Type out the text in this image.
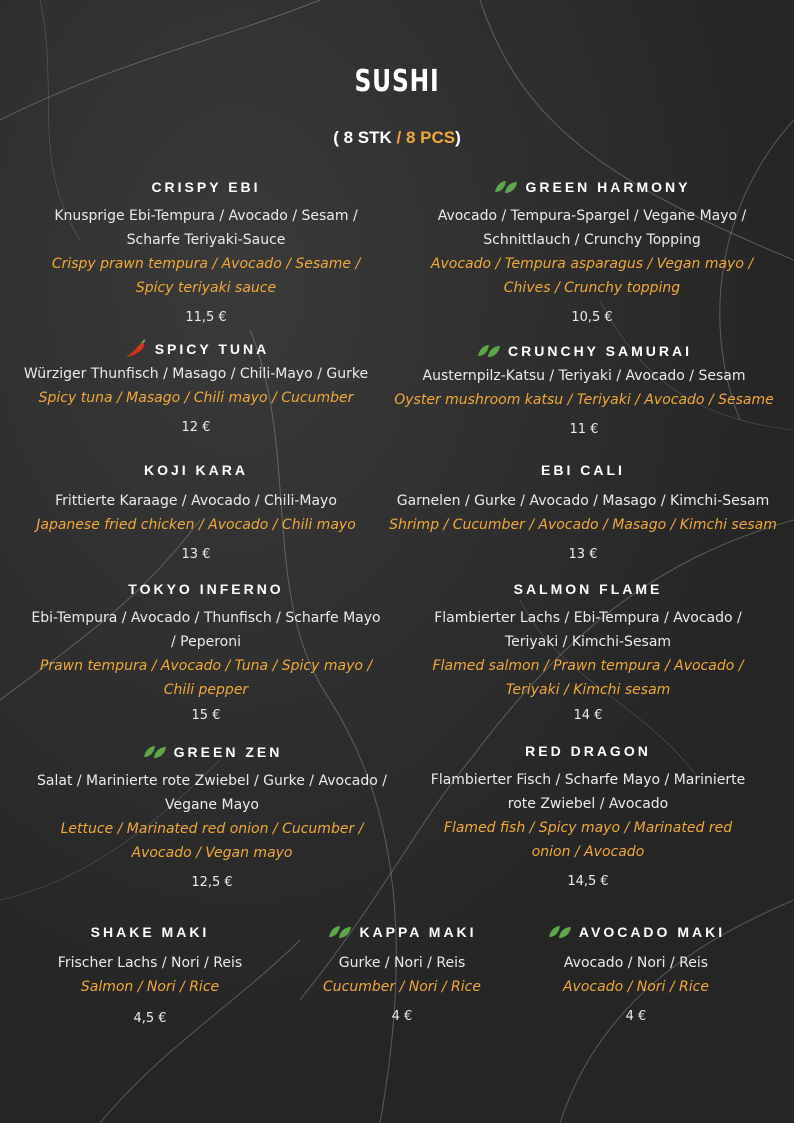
SUSHI
( 8 STK / 8 PCS)
CRISPY EBI
Knusprige Ebi-Tempura / Avocado / Sesam / Scharfe Teriyaki-Sauce
Crispy prawn tempura / Avocado / Sesame / Spicy teriyaki sauce
11,5 €
GREEN HARMONY
Avocado / Tempura-Spargel / Vegane Mayo / Schnittlauch / Crunchy Topping
Avocado / Tempura asparagus / Vegan mayo / Chives / Crunchy topping
10,5 €
SPICY TUNA
Würziger Thunfisch / Masago / Chili-Mayo / Gurke
Spicy tuna / Masago / Chili mayo / Cucumber
12 €
CRUNCHY SAMURAI
Austernpilz-Katsu / Teriyaki / Avocado / Sesam
Oyster mushroom katsu / Teriyaki / Avocado / Sesame
11 €
KOJI KARA
Frittierte Karaage / Avocado / Chili-Mayo
Japanese fried chicken / Avocado / Chili mayo
13 €
EBI CALI
Garnelen / Gurke / Avocado / Masago / Kimchi-Sesam
Shrimp / Cucumber / Avocado / Masago / Kimchi sesam
13 €
TOKYO INFERNO
Ebi-Tempura / Avocado / Thunfisch / Scharfe Mayo / Peperoni
Prawn tempura / Avocado / Tuna / Spicy mayo / Chili pepper
15 €
SALMON FLAME
Flambierter Lachs / Ebi-Tempura / Avocado / Teriyaki / Kimchi-Sesam
Flamed salmon / Prawn tempura / Avocado / Teriyaki / Kimchi sesam
14 €
GREEN ZEN
Salat / Marinierte rote Zwiebel / Gurke / Avocado / Vegane Mayo
Lettuce / Marinated red onion / Cucumber / Avocado / Vegan mayo
12,5 €
RED DRAGON
Flambierter Fisch / Scharfe Mayo / Marinierte rote Zwiebel / Avocado
Flamed fish / Spicy mayo / Marinated red onion / Avocado
14,5 €
SHAKE MAKI
Frischer Lachs / Nori / Reis
Salmon / Nori / Rice
4,5 €
KAPPA MAKI
Gurke / Nori / Reis
Cucumber / Nori / Rice
4 €
AVOCADO MAKI
Avocado / Nori / Reis
Avocado / Nori / Rice
4 €
